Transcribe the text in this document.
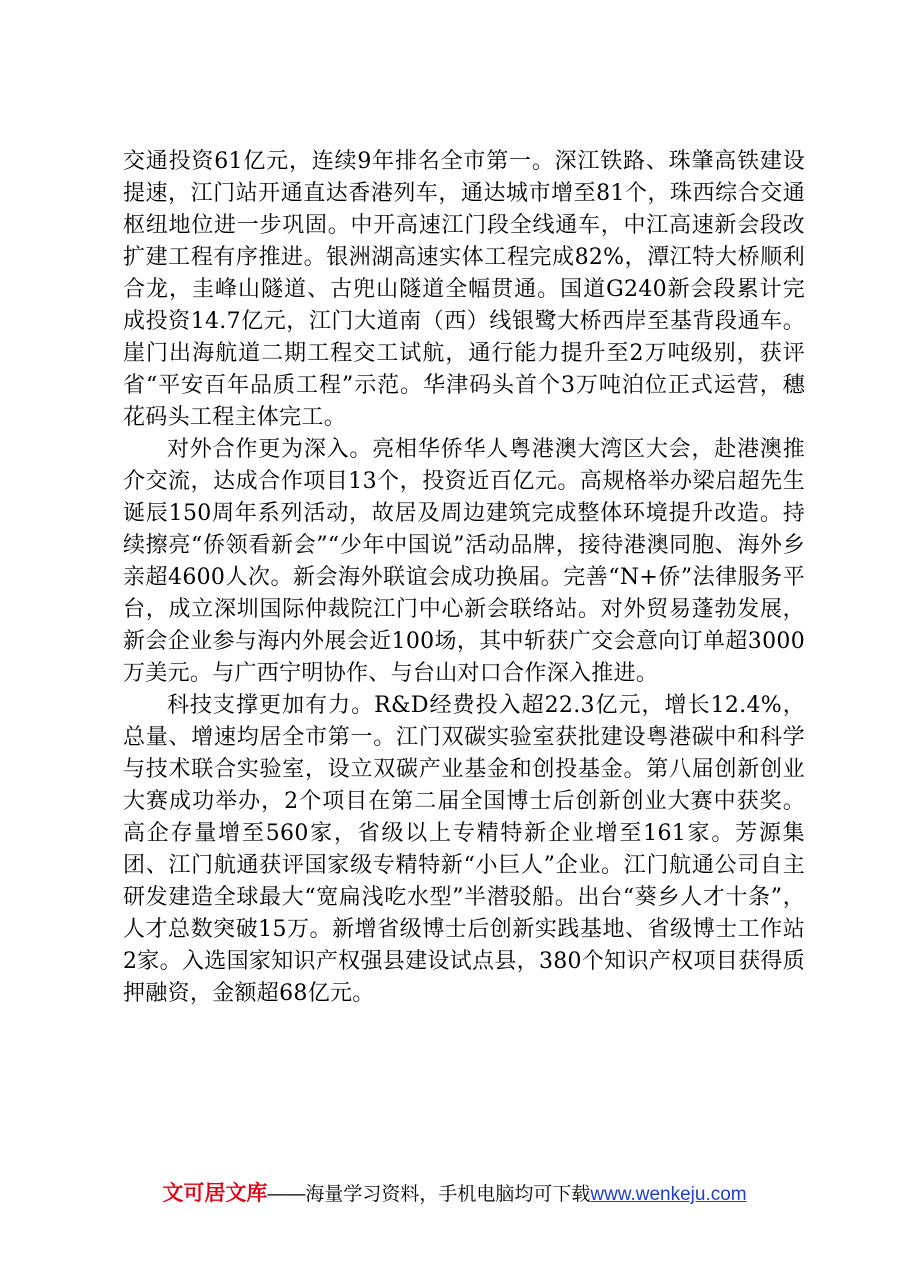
交通投资61亿元，连续9年排名全市第一。深江铁路、珠肇高铁建设提速，江门站开通直达香港列车，通达城市增至81个，珠西综合交通枢纽地位进一步巩固。中开高速江门段全线通车，中江高速新会段改扩建工程有序推进。银洲湖高速实体工程完成82%，潭江特大桥顺利合龙，圭峰山隧道、古兜山隧道全幅贯通。国道G240新会段累计完成投资14.7亿元，江门大道南（西）线银鹭大桥西岸至基背段通车。崖门出海航道二期工程交工试航，通行能力提升至2万吨级别，获评省“平安百年品质工程”示范。华津码头首个3万吨泊位正式运营，穗花码头工程主体完工。

对外合作更为深入。亮相华侨华人粤港澳大湾区大会，赴港澳推介交流，达成合作项目13个，投资近百亿元。高规格举办梁启超先生诞辰150周年系列活动，故居及周边建筑完成整体环境提升改造。持续擦亮“侨领看新会”“少年中国说”活动品牌，接待港澳同胞、海外乡亲超4600人次。新会海外联谊会成功换届。完善“N+侨”法律服务平台，成立深圳国际仲裁院江门中心新会联络站。对外贸易蓬勃发展，新会企业参与海内外展会近100场，其中斩获广交会意向订单超3000万美元。与广西宁明协作、与台山对口合作深入推进。

科技支撑更加有力。R&D经费投入超22.3亿元，增长12.4%，总量、增速均居全市第一。江门双碳实验室获批建设粤港碳中和科学与技术联合实验室，设立双碳产业基金和创投基金。第八届创新创业大赛成功举办，2个项目在第二届全国博士后创新创业大赛中获奖。高企存量增至560家，省级以上专精特新企业增至161家。芳源集团、江门航通获评国家级专精特新“小巨人”企业。江门航通公司自主研发建造全球最大“宽扁浅吃水型”半潜驳船。出台“葵乡人才十条”，人才总数突破15万。新增省级博士后创新实践基地、省级博士工作站2家。入选国家知识产权强县建设试点县，380个知识产权项目获得质押融资，金额超68亿元。

文可居文库——海量学习资料，手机电脑均可下载www.wenkeju.com
